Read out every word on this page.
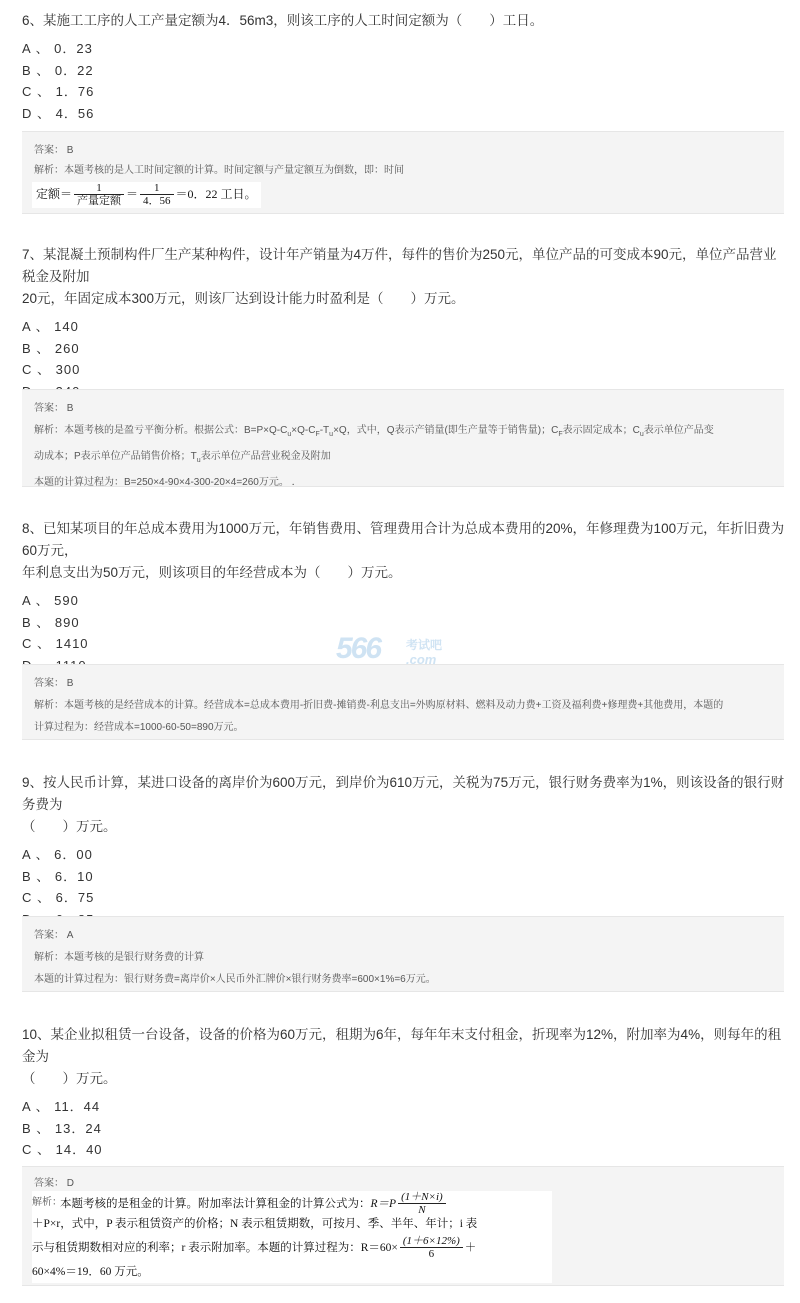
6、某施工工序的人工产量定额为4．56m3，则该工序的人工时间定额为（　　）工日。
A 、 0．23
B 、 0．22
C 、 1．76
D 、 4．56
答案： B
解析：本题考核的是人工时间定额的计算。时间定额与产量定额互为倒数，即：时间
定额＝ $\frac{1}{\text{产量定额}} = \frac{1}{4.56} =0$．22 工日。
7、某混凝土预制构件厂生产某种构件，设计年产销量为4万件，每件的售价为250元，单位产品的可变成本90元，单位产品营业税金及附加
20元，年固定成本300万元，则该厂达到设计能力时盈利是（　　）万元。
A 、 140
B 、 260
C 、 300
答案： B
解析：本题考核的是盈亏平衡分析。根据公式：$B=P\times Q-C_u\times Q-C_F-T_u\times Q$，式中，Q表示产销量(即生产量等于销售量)；$C_F$表示固定成本；$C_u$表示单位产品变
动成本；P表示单位产品销售价格；$T_u$表示单位产品营业税金及附加
本题的计算过程为：B=250×4-90×4-300-20×4=260万元。 ．
8、已知某项目的年总成本费用为1000万元，年销售费用、管理费用合计为总成本费用的20%，年修理费为100万元，年折旧费为60万元，
年利息支出为50万元，则该项目的年经营成本为（　　）万元。
A 、 590
B 、 890
C 、 1410
答案： B
解析：本题考核的是经营成本的计算。经营成本=总成本费用-折旧费-摊销费-利息支出=外购原材料、燃料及动力费+工资及福利费+修理费+其他费用，本题的
计算过程为：经营成本=1000-60-50=890万元。
566 考试吧
.com
9、按人民币计算，某进口设备的离岸价为600万元，到岸价为610万元，关税为75万元，银行财务费率为1%，则该设备的银行财务费为
（　　）万元。
A 、 6．00
B 、 6．10
C 、 6．75
答案： A
解析：本题考核的是银行财务费的计算
本题的计算过程为：银行财务费=离岸价×人民币外汇牌价×银行财务费率=600×1%=6万元。
10、某企业拟租赁一台设备，设备的价格为60万元，租期为6年，每年年末支付租金，折现率为12%，附加率为4%，则每年的租金为
（　　）万元。
A 、 11．44
B 、 13．24
C 、 14．40
答案： D
解析：
本题考核的是租金的计算。附加率法计算租金的计算公式为：$R=P \frac{(1+N\times i)}{N}$
＋P×r，式中，P 表示租赁资产的价格；N 表示租赁期数，可按月、季、半年、年计；i 表
示与租赁期数相对应的利率；r 表示附加率。本题的计算过程为：$R=60\times \frac{(1+6\times 12\%)}{6}$ ＋
60×4%＝19．60 万元。
